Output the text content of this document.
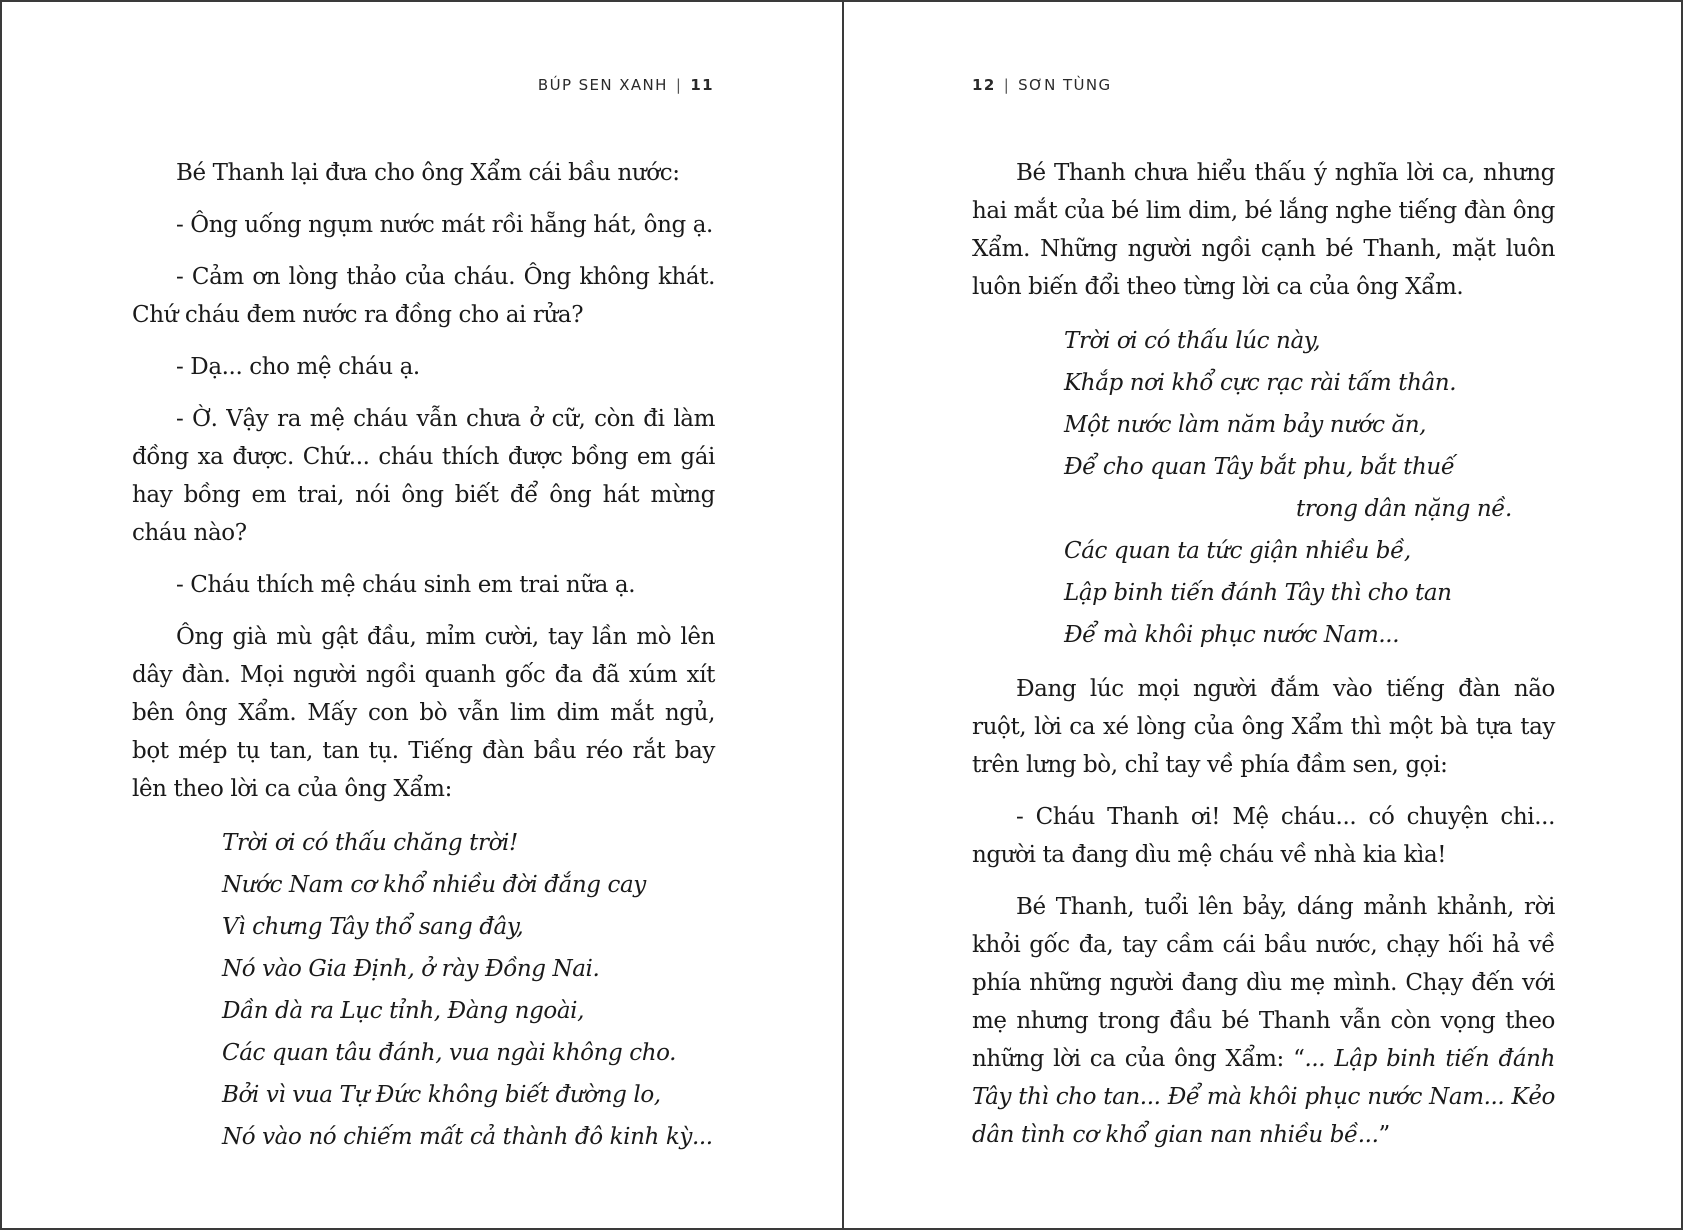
BÚP SEN XANH | 11

Bé Thanh lại đưa cho ông Xẩm cái bầu nước:

- Ông uống ngụm nước mát rồi hẵng hát, ông ạ.

- Cảm ơn lòng thảo của cháu. Ông không khát. Chứ cháu đem nước ra đồng cho ai rửa?

- Dạ... cho mệ cháu ạ.

- Ờ. Vậy ra mệ cháu vẫn chưa ở cữ, còn đi làm đồng xa được. Chứ... cháu thích được bồng em gái hay bồng em trai, nói ông biết để ông hát mừng cháu nào?

- Cháu thích mệ cháu sinh em trai nữa ạ.

Ông già mù gật đầu, mỉm cười, tay lần mò lên dây đàn. Mọi người ngồi quanh gốc đa đã xúm xít bên ông Xẩm. Mấy con bò vẫn lim dim mắt ngủ, bọt mép tụ tan, tan tụ. Tiếng đàn bầu réo rắt bay lên theo lời ca của ông Xẩm:

Trời ơi có thấu chăng trời!
Nước Nam cơ khổ nhiều đời đắng cay
Vì chưng Tây thổ sang đây,
Nó vào Gia Định, ở rày Đồng Nai.
Dần dà ra Lục tỉnh, Đàng ngoài,
Các quan tâu đánh, vua ngài không cho.
Bởi vì vua Tự Đức không biết đường lo,
Nó vào nó chiếm mất cả thành đô kinh kỳ...
12 | SƠN TÙNG

Bé Thanh chưa hiểu thấu ý nghĩa lời ca, nhưng hai mắt của bé lim dim, bé lắng nghe tiếng đàn ông Xẩm. Những người ngồi cạnh bé Thanh, mặt luôn luôn biến đổi theo từng lời ca của ông Xẩm.

Trời ơi có thấu lúc này,
Khắp nơi khổ cực rạc rài tấm thân.
Một nước làm năm bảy nước ăn,
Để cho quan Tây bắt phu, bắt thuế
trong dân nặng nề.
Các quan ta tức giận nhiều bề,
Lập binh tiến đánh Tây thì cho tan
Để mà khôi phục nước Nam...

Đang lúc mọi người đắm vào tiếng đàn não ruột, lời ca xé lòng của ông Xẩm thì một bà tựa tay trên lưng bò, chỉ tay về phía đầm sen, gọi:

- Cháu Thanh ơi! Mệ cháu... có chuyện chi... người ta đang dìu mệ cháu về nhà kia kìa!

Bé Thanh, tuổi lên bảy, dáng mảnh khảnh, rời khỏi gốc đa, tay cầm cái bầu nước, chạy hối hả về phía những người đang dìu mẹ mình. Chạy đến với mẹ nhưng trong đầu bé Thanh vẫn còn vọng theo những lời ca của ông Xẩm: “... Lập binh tiến đánh Tây thì cho tan... Để mà khôi phục nước Nam... Kẻo dân tình cơ khổ gian nan nhiều bề...”
